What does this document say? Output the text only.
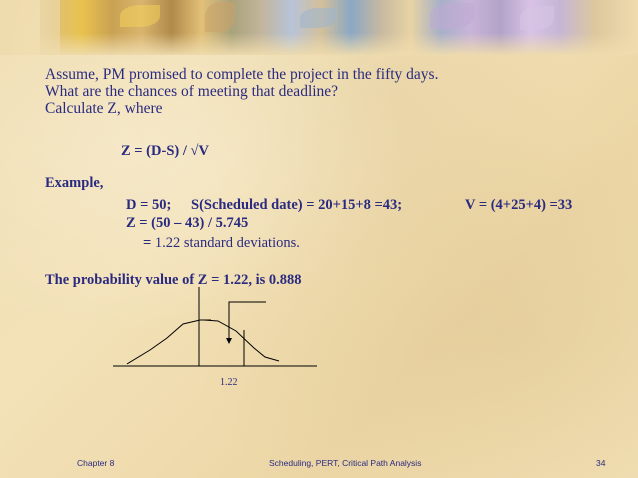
Assume, PM promised to complete the project in the fifty days.

What are the chances of meeting that deadline?

Calculate Z, where

Z = (D-S) / √V
Example,
D = 50; S(Scheduled date) = 20+15+8 =43;	V = (4+25+4) =33
Z = (50 – 43) / 5.745
= 1.22 standard deviations.
The probability value of Z = 1.22, is 0.888
1.22
Chapter 8	Scheduling, PERT, Critical Path Analysis	34
